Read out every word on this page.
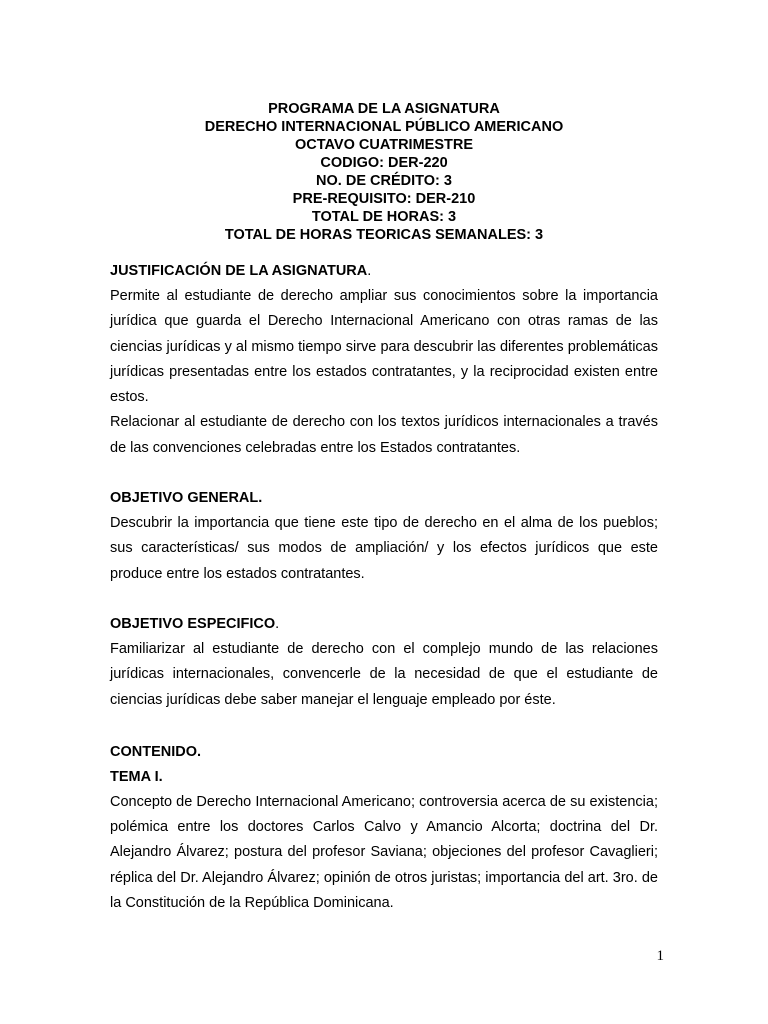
PROGRAMA DE LA ASIGNATURA
DERECHO INTERNACIONAL PÚBLICO AMERICANO
OCTAVO CUATRIMESTRE
CODIGO: DER-220
NO. DE CRÉDITO: 3
PRE-REQUISITO: DER-210
TOTAL DE HORAS: 3
TOTAL DE HORAS TEORICAS SEMANALES: 3
JUSTIFICACIÓN DE LA ASIGNATURA.

Permite al estudiante de derecho ampliar sus conocimientos sobre la importancia jurídica que guarda el Derecho Internacional Americano con otras ramas de las ciencias jurídicas y al mismo tiempo sirve para descubrir las diferentes problemáticas jurídicas presentadas entre los estados contratantes, y la reciprocidad existen entre estos.

Relacionar al estudiante de derecho con los textos jurídicos internacionales a través de las convenciones celebradas entre los Estados contratantes.

OBJETIVO GENERAL.

Descubrir la importancia que tiene este tipo de derecho en el alma de los pueblos; sus características/ sus modos de ampliación/ y los efectos jurídicos que este produce entre los estados contratantes.

OBJETIVO ESPECIFICO.

Familiarizar al estudiante de derecho con el complejo mundo de las relaciones jurídicas internacionales, convencerle de la necesidad de que el estudiante de ciencias jurídicas debe saber manejar el lenguaje empleado por éste.

CONTENIDO.
TEMA I.

Concepto de Derecho Internacional Americano; controversia acerca de su existencia; polémica entre los doctores Carlos Calvo y Amancio Alcorta; doctrina del Dr. Alejandro Álvarez; postura del profesor Saviana; objeciones del profesor Cavaglieri; réplica del Dr. Alejandro Álvarez; opinión de otros juristas; importancia del art. 3ro. de la Constitución de la República Dominicana.

1
